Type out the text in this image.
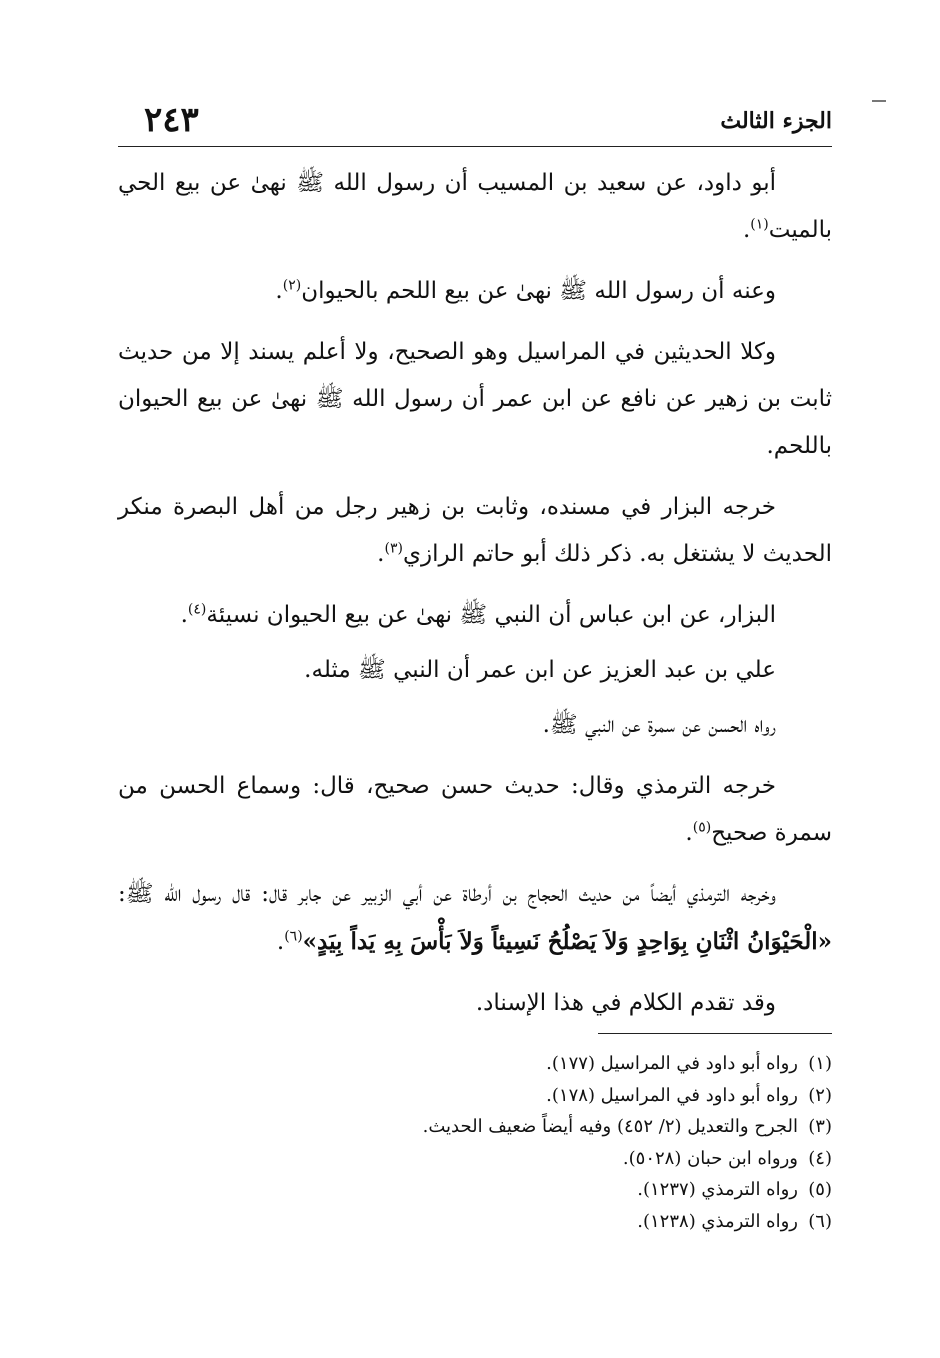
٢٤٣	الجزء الثالث

أبو داود، عن سعيد بن المسيب أن رسول الله ﷺ نهىٰ عن بيع الحي بالميت$^{(١)}$.

وعنه أن رسول الله ﷺ نهىٰ عن بيع اللحم بالحيوان$^{(٢)}$.

وكلا الحديثين في المراسيل وهو الصحيح، ولا أعلم يسند إلا من حديث ثابت بن زهير عن نافع عن ابن عمر أن رسول الله ﷺ نهىٰ عن بيع الحيوان باللحم.

خرجه البزار في مسنده، وثابت بن زهير رجل من أهل البصرة منكر الحديث لا يشتغل به. ذكر ذلك أبو حاتم الرازي$^{(٣)}$.

البزار، عن ابن عباس أن النبي ﷺ نهىٰ عن بيع الحيوان نسيئة$^{(٤)}$.

علي بن عبد العزيز عن ابن عمر أن النبي ﷺ مثله.

رواه الحسن عن سمرة عن النبي ﷺ.

خرجه الترمذي وقال: حديث حسن صحيح، قال: وسماع الحسن من سمرة صحيح$^{(٥)}$.

وخرجه الترمذي أيضاً من حديث الحجاج بن أرطاة عن أبي الزبير عن جابر قال: قال رسول الله ﷺ: «الْحَيْوَانُ اثْنَانِ بِوَاحِدٍ وَلاَ يَصْلُحُ نَسِيئاً وَلاَ بَأْسَ بِهِ يَداً بِيَدٍ»$^{(٦)}$.

وقد تقدم الكلام في هذا الإسناد.

(١)رواه أبو داود في المراسيل (١٧٧).
(٢)رواه أبو داود في المراسيل (١٧٨).
(٣)الجرح والتعديل (٢/ ٤٥٢) وفيه أيضاً ضعيف الحديث.
(٤)ورواه ابن حبان (٥٠٢٨).
(٥)رواه الترمذي (١٢٣٧).
(٦)رواه الترمذي (١٢٣٨).
